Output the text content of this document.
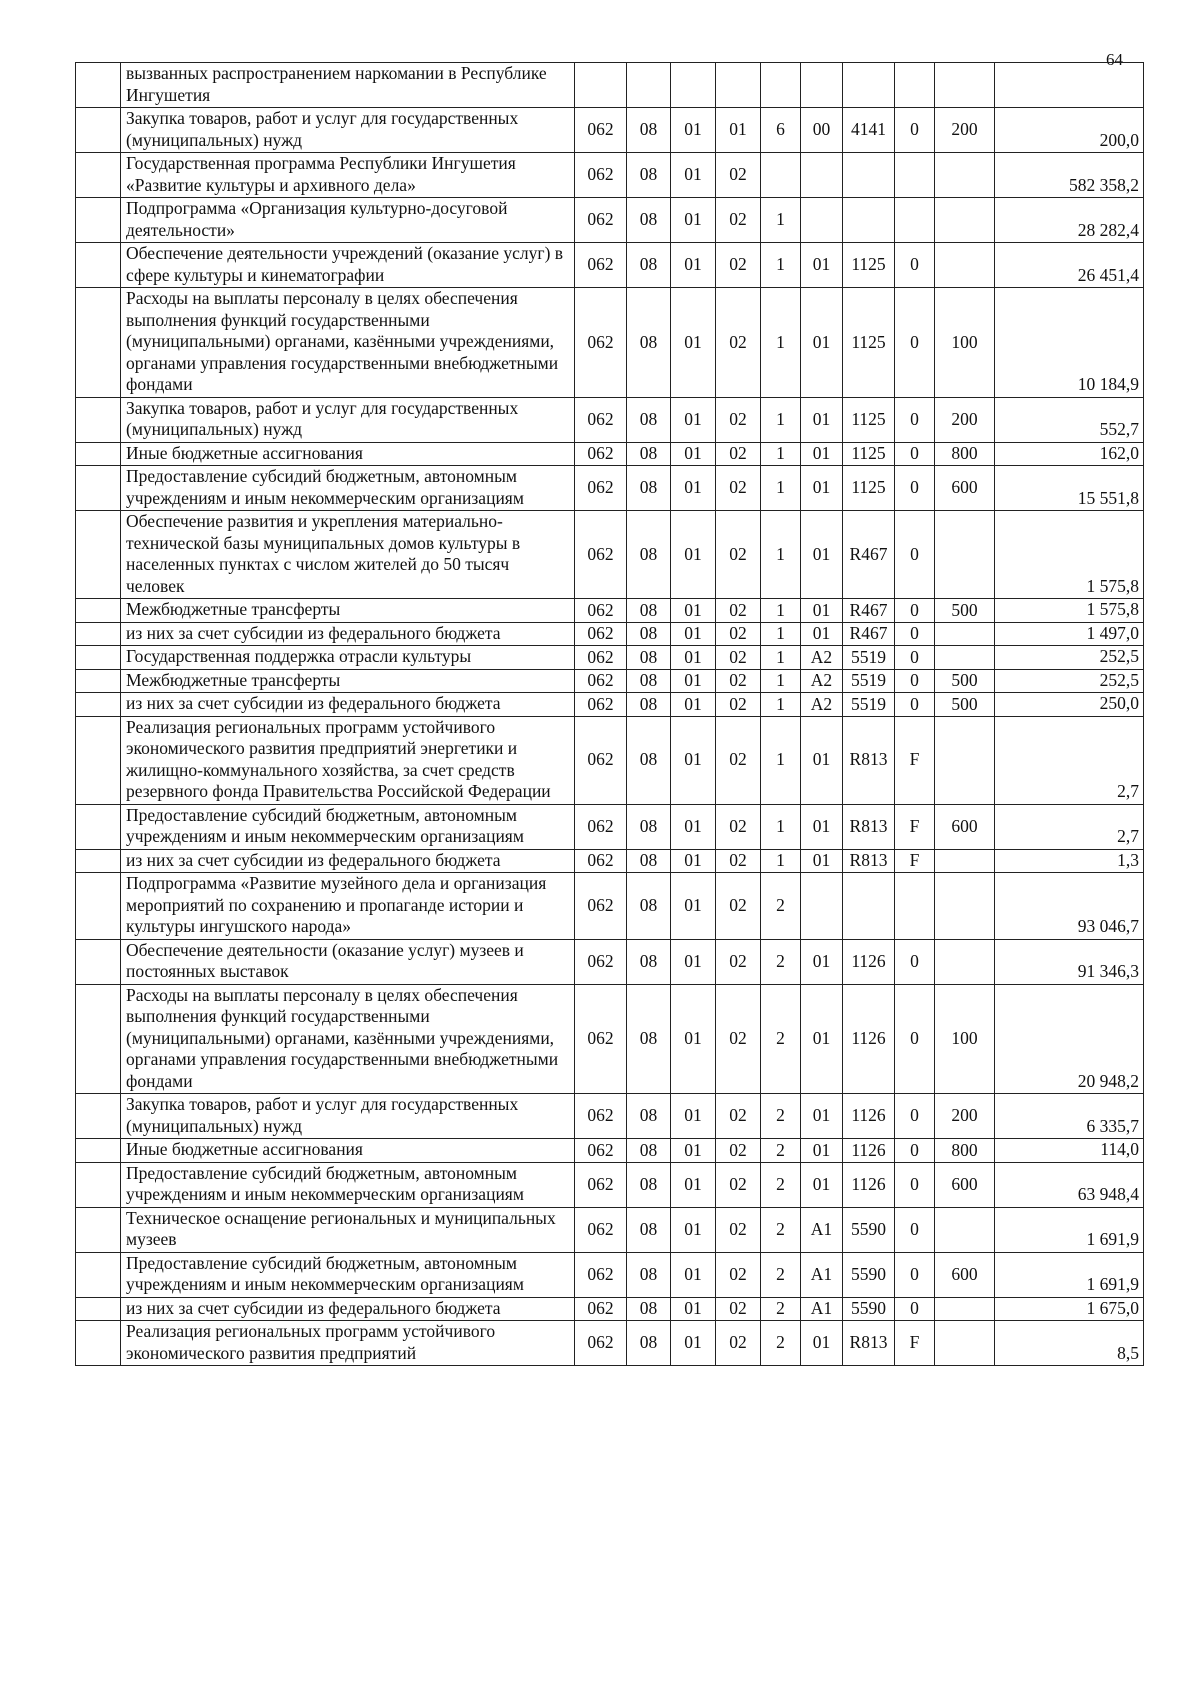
64
	вызванных распространением наркомании в Республике Ингушетия										
	Закупка товаров, работ и услуг для государственных (муниципальных) нужд	062	08	01	01	6	00	4141	0	200	200,0
	Государственная программа Республики Ингушетия «Развитие культуры и архивного дела»	062	08	01	02						582 358,2
	Подпрограмма «Организация культурно-досуговой деятельности»	062	08	01	02	1					28 282,4
	Обеспечение деятельности учреждений (оказание услуг) в сфере культуры и кинематографии	062	08	01	02	1	01	1125	0		26 451,4
	Расходы на выплаты персоналу в целях обеспечения выполнения функций государственными (муниципальными) органами, казёнными учреждениями, органами управления государственными внебюджетными фондами	062	08	01	02	1	01	1125	0	100	10 184,9
	Закупка товаров, работ и услуг для государственных (муниципальных) нужд	062	08	01	02	1	01	1125	0	200	552,7
	Иные бюджетные ассигнования	062	08	01	02	1	01	1125	0	800	162,0
	Предоставление субсидий бюджетным, автономным учреждениям и иным некоммерческим организациям	062	08	01	02	1	01	1125	0	600	15 551,8
	Обеспечение развития и укрепления материально-технической базы муниципальных домов культуры в населенных пунктах с числом жителей до 50 тысяч человек	062	08	01	02	1	01	R467	0		1 575,8
	Межбюджетные трансферты	062	08	01	02	1	01	R467	0	500	1 575,8
	из них за счет субсидии из федерального бюджета	062	08	01	02	1	01	R467	0		1 497,0
	Государственная поддержка отрасли культуры	062	08	01	02	1	A2	5519	0		252,5
	Межбюджетные трансферты	062	08	01	02	1	A2	5519	0	500	252,5
	из них за счет субсидии из федерального бюджета	062	08	01	02	1	A2	5519	0	500	250,0
	Реализация региональных программ устойчивого экономического развития предприятий энергетики и жилищно-коммунального хозяйства, за счет средств резервного фонда Правительства Российской Федерации	062	08	01	02	1	01	R813	F		2,7
	Предоставление субсидий бюджетным, автономным учреждениям и иным некоммерческим организациям	062	08	01	02	1	01	R813	F	600	2,7
	из них за счет субсидии из федерального бюджета	062	08	01	02	1	01	R813	F		1,3
	Подпрограмма «Развитие музейного дела и организация мероприятий по сохранению и пропаганде истории и культуры ингушского народа»	062	08	01	02	2					93 046,7
	Обеспечение деятельности (оказание услуг) музеев и постоянных выставок	062	08	01	02	2	01	1126	0		91 346,3
	Расходы на выплаты персоналу в целях обеспечения выполнения функций государственными (муниципальными) органами, казёнными учреждениями, органами управления государственными внебюджетными фондами	062	08	01	02	2	01	1126	0	100	20 948,2
	Закупка товаров, работ и услуг для государственных (муниципальных) нужд	062	08	01	02	2	01	1126	0	200	6 335,7
	Иные бюджетные ассигнования	062	08	01	02	2	01	1126	0	800	114,0
	Предоставление субсидий бюджетным, автономным учреждениям и иным некоммерческим организациям	062	08	01	02	2	01	1126	0	600	63 948,4
	Техническое оснащение региональных и муниципальных музеев	062	08	01	02	2	A1	5590	0		1 691,9
	Предоставление субсидий бюджетным, автономным учреждениям и иным некоммерческим организациям	062	08	01	02	2	A1	5590	0	600	1 691,9
	из них за счет субсидии из федерального бюджета	062	08	01	02	2	A1	5590	0		1 675,0
	Реализация региональных программ устойчивого экономического развития предприятий	062	08	01	02	2	01	R813	F		8,5
